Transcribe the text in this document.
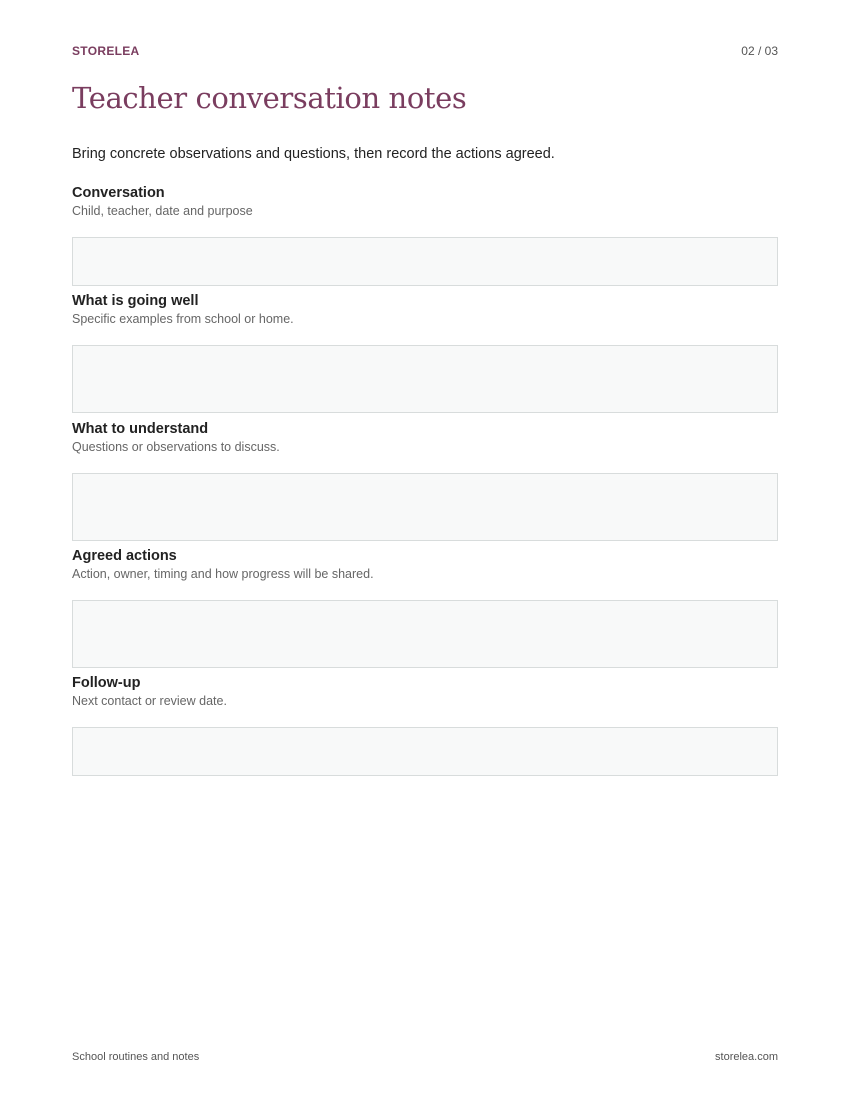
STORELEA	02 / 03
Teacher conversation notes
Bring concrete observations and questions, then record the actions agreed.
Conversation
Child, teacher, date and purpose
What is going well
Specific examples from school or home.
What to understand
Questions or observations to discuss.
Agreed actions
Action, owner, timing and how progress will be shared.
Follow-up
Next contact or review date.
School routines and notes	storelea.com
